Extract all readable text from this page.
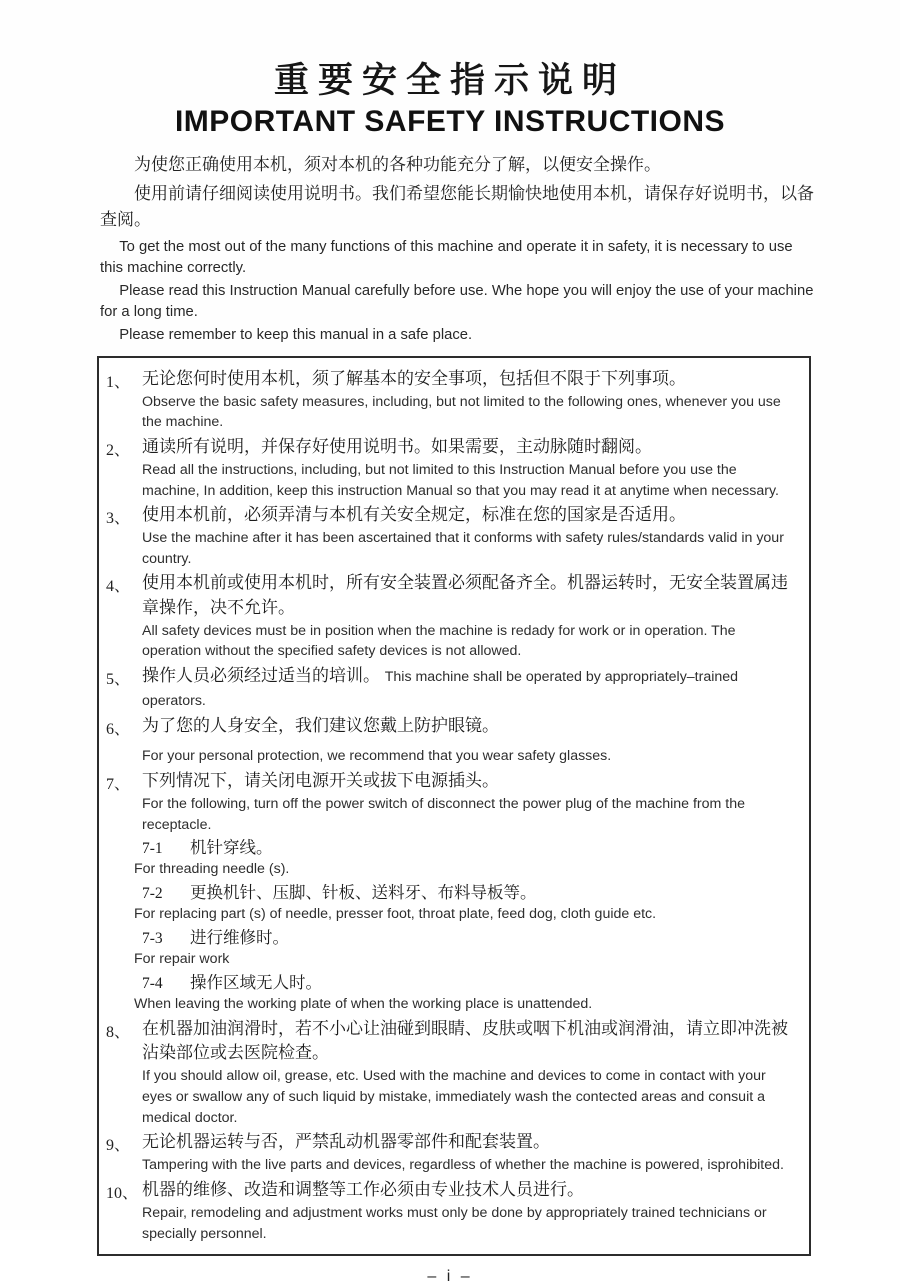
重要安全指示说明
IMPORTANT SAFETY INSTRUCTIONS

为使您正确使用本机，须对本机的各种功能充分了解，以便安全操作。

使用前请仔细阅读使用说明书。我们希望您能长期愉快地使用本机，请保存好说明书，以备查阅。

To get the most out of the many functions of this machine and operate it in safety, it is necessary to use this machine correctly.

Please read this Instruction Manual carefully before use. Whe hope you will enjoy the use of your machine for a long time.

Please remember to keep this manual in a safe place.

1、 无论您何时使用本机，须了解基本的安全事项，包括但不限于下列事项。
Observe the basic safety measures, including, but not limited to the following ones, whenever you use the machine.
2、 通读所有说明，并保存好使用说明书。如果需要，主动脉随时翻阅。
Read all the instructions, including, but not limited to this Instruction Manual before you use the machine, In addition, keep this instruction Manual so that you may read it at anytime when necessary.
3、 使用本机前，必须弄清与本机有关安全规定，标准在您的国家是否适用。
Use the machine after it has been ascertained that it conforms with safety rules/standards valid in your country.
4、 使用本机前或使用本机时，所有安全装置必须配备齐全。机器运转时，无安全装置属违章操作，决不允许。
All safety devices must be in position when the machine is redady for work or in operation. The operation without the specified safety devices is not allowed.
5、 操作人员必须经过适当的培训。 This machine shall be operated by appropriately–trained operators.
6、 为了您的人身安全，我们建议您戴上防护眼镜。
For your personal protection, we recommend that you wear safety glasses.
7、 下列情况下，请关闭电源开关或拔下电源插头。
For the following, turn off the power switch of disconnect the power plug of the machine from the receptacle.
7-1 机针穿线。
For threading needle (s).
7-2 更换机针、压脚、针板、送料牙、布料导板等。
For replacing part (s) of needle, presser foot, throat plate, feed dog, cloth guide etc.
7-3 进行维修时。
For repair work
7-4 操作区域无人时。
When leaving the working plate of when the working place is unattended.
8、 在机器加油润滑时，若不小心让油碰到眼睛、皮肤或咽下机油或润滑油，请立即冲洗被沾染部位或去医院检查。
If you should allow oil, grease, etc. Used with the machine and devices to come in contact with your eyes or swallow any of such liquid by mistake, immediately wash the contected areas and consuit a medical doctor.
9、 无论机器运转与否，严禁乱动机器零部件和配套装置。
Tampering with the live parts and devices, regardless of whether the machine is powered, isprohibited.
10、 机器的维修、改造和调整等工作必须由专业技术人员进行。
Repair, remodeling and adjustment works must only be done by appropriately trained technicians or specially personnel.
– i –
